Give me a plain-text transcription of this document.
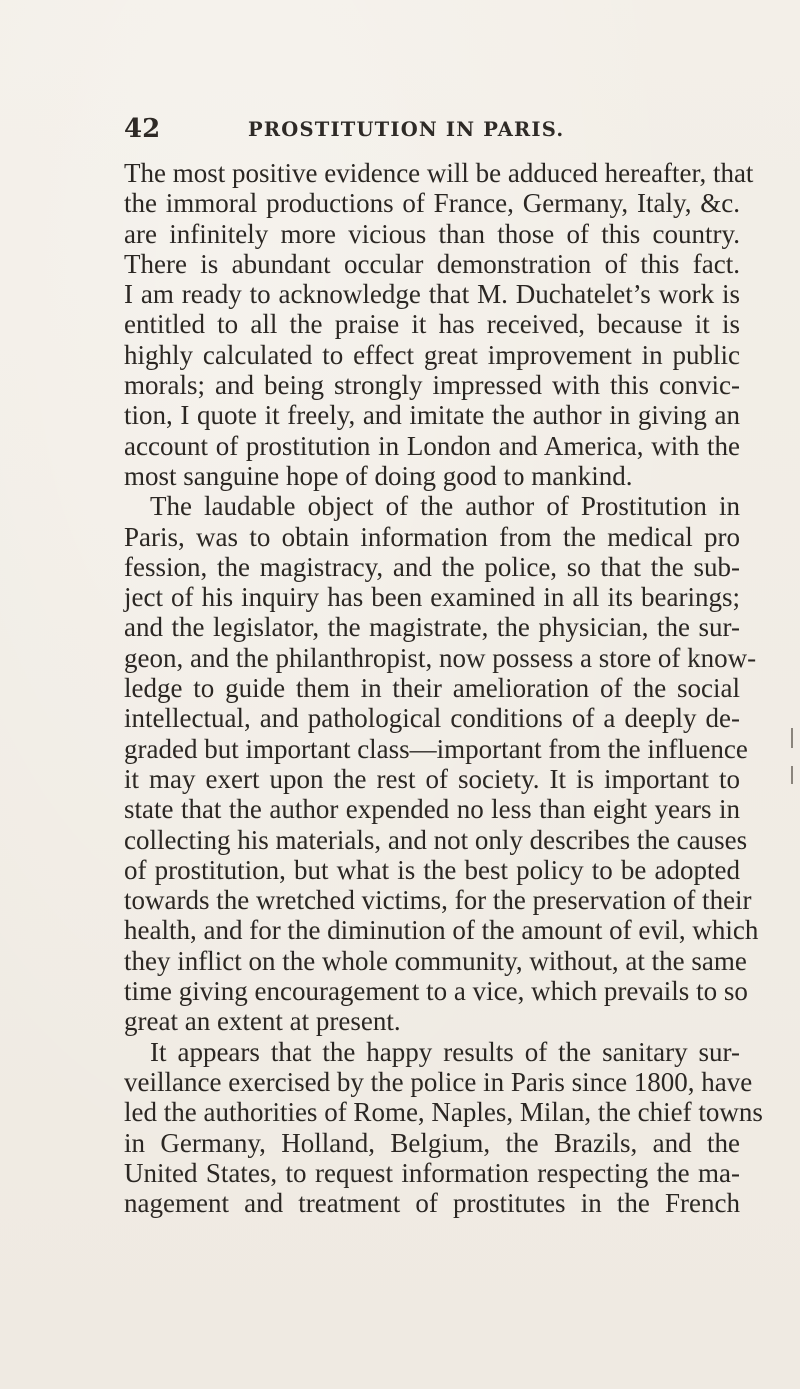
42	PROSTITUTION IN PARIS.
The most positive evidence will be adduced hereafter, that
the immoral productions of France, Germany, Italy, &c.
are infinitely more vicious than those of this country.
There is abundant occular demonstration of this fact.
I am ready to acknowledge that M. Duchatelet’s work is
entitled to all the praise it has received, because it is
highly calculated to effect great improvement in public
morals; and being strongly impressed with this convic-
tion, I quote it freely, and imitate the author in giving an
account of prostitution in London and America, with the
most sanguine hope of doing good to mankind.
The laudable object of the author of Prostitution in
Paris, was to obtain information from the medical pro
fession, the magistracy, and the police, so that the sub-
ject of his inquiry has been examined in all its bearings;
and the legislator, the magistrate, the physician, the sur-
geon, and the philanthropist, now possess a store of know-
ledge to guide them in their amelioration of the social
intellectual, and pathological conditions of a deeply de-
graded but important class—important from the influence
it may exert upon the rest of society. It is important to
state that the author expended no less than eight years in
collecting his materials, and not only describes the causes
of prostitution, but what is the best policy to be adopted
towards the wretched victims, for the preservation of their
health, and for the diminution of the amount of evil, which
they inflict on the whole community, without, at the same
time giving encouragement to a vice, which prevails to so
great an extent at present.
It appears that the happy results of the sanitary sur-
veillance exercised by the police in Paris since 1800, have
led the authorities of Rome, Naples, Milan, the chief towns
in Germany, Holland, Belgium, the Brazils, and the
United States, to request information respecting the ma-
nagement and treatment of prostitutes in the French
